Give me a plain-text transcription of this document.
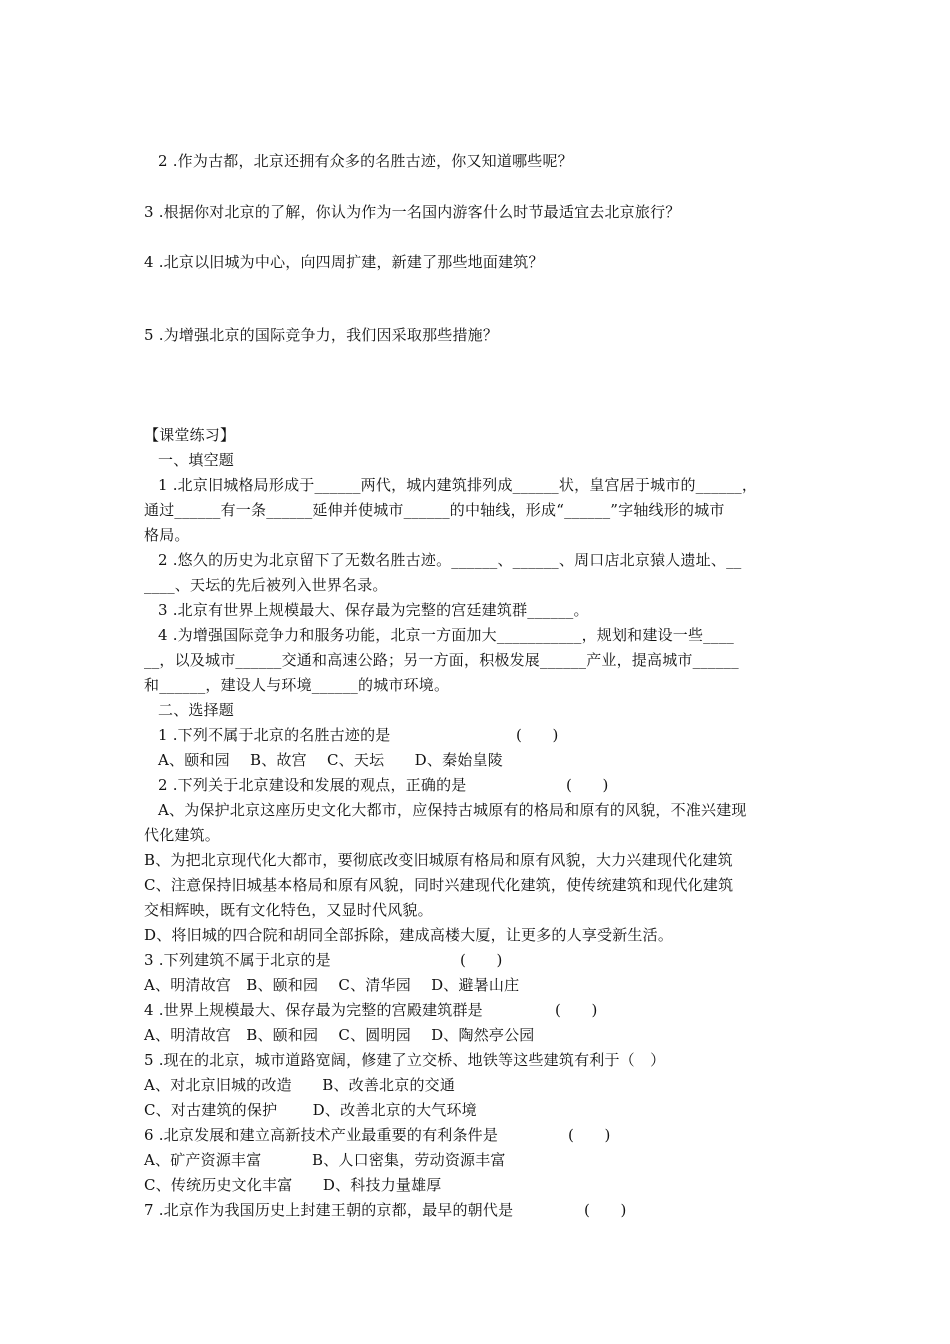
2 .作为古都，北京还拥有众多的名胜古迹，你又知道哪些呢？
3 .根据你对北京的了解，你认为作为一名国内游客什么时节最适宜去北京旅行？
4 .北京以旧城为中心，向四周扩建，新建了那些地面建筑？
5 .为增强北京的国际竞争力，我们因采取那些措施？
【课堂练习】
一、填空题
1 .北京旧城格局形成于______两代，城内建筑排列成______状，皇宫居于城市的______，
通过______有一条______延伸并使城市______的中轴线，形成“______”字轴线形的城市
格局。
2 .悠久的历史为北京留下了无数名胜古迹。______、______、周口店北京猿人遗址、__
____、天坛的先后被列入世界名录。
3 .北京有世界上规模最大、保存最为完整的宫廷建筑群______。
4 .为增强国际竞争力和服务功能，北京一方面加大___________，规划和建设一些____
__，以及城市______交通和高速公路；另一方面，积极发展______产业，提高城市______
和______，建设人与环境______的城市环境。
二、选择题
1 .下列不属于北京的名胜古迹的是	(　　)
A、颐和园　 B、故宫　 C、天坛　　D、秦始皇陵
2 .下列关于北京建设和发展的观点，正确的是	(　　)
A、为保护北京这座历史文化大都市，应保持古城原有的格局和原有的风貌，不准兴建现
代化建筑。
B、为把北京现代化大都市，要彻底改变旧城原有格局和原有风貌，大力兴建现代化建筑
C、注意保持旧城基本格局和原有风貌，同时兴建现代化建筑，使传统建筑和现代化建筑
交相辉映，既有文化特色，又显时代风貌。
D、将旧城的四合院和胡同全部拆除，建成高楼大厦，让更多的人享受新生活。
3 .下列建筑不属于北京的是	(　　)
A、明清故宫　B、颐和园　 C、清华园　 D、避暑山庄
4 .世界上规模最大、保存最为完整的宫殿建筑群是	(　　)
A、明清故宫　B、颐和园　 C、圆明园　 D、陶然亭公园
5 .现在的北京，城市道路宽阔，修建了立交桥、地铁等这些建筑有利于（　）
A、对北京旧城的改造　　B、改善北京的交通
C、对古建筑的保护　　 D、改善北京的大气环境
6 .北京发展和建立高新技术产业最重要的有利条件是	(　　)
A、矿产资源丰富　　　 B、人口密集，劳动资源丰富
C、传统历史文化丰富　　D、科技力量雄厚
7 .北京作为我国历史上封建王朝的京都，最早的朝代是	(　　)
